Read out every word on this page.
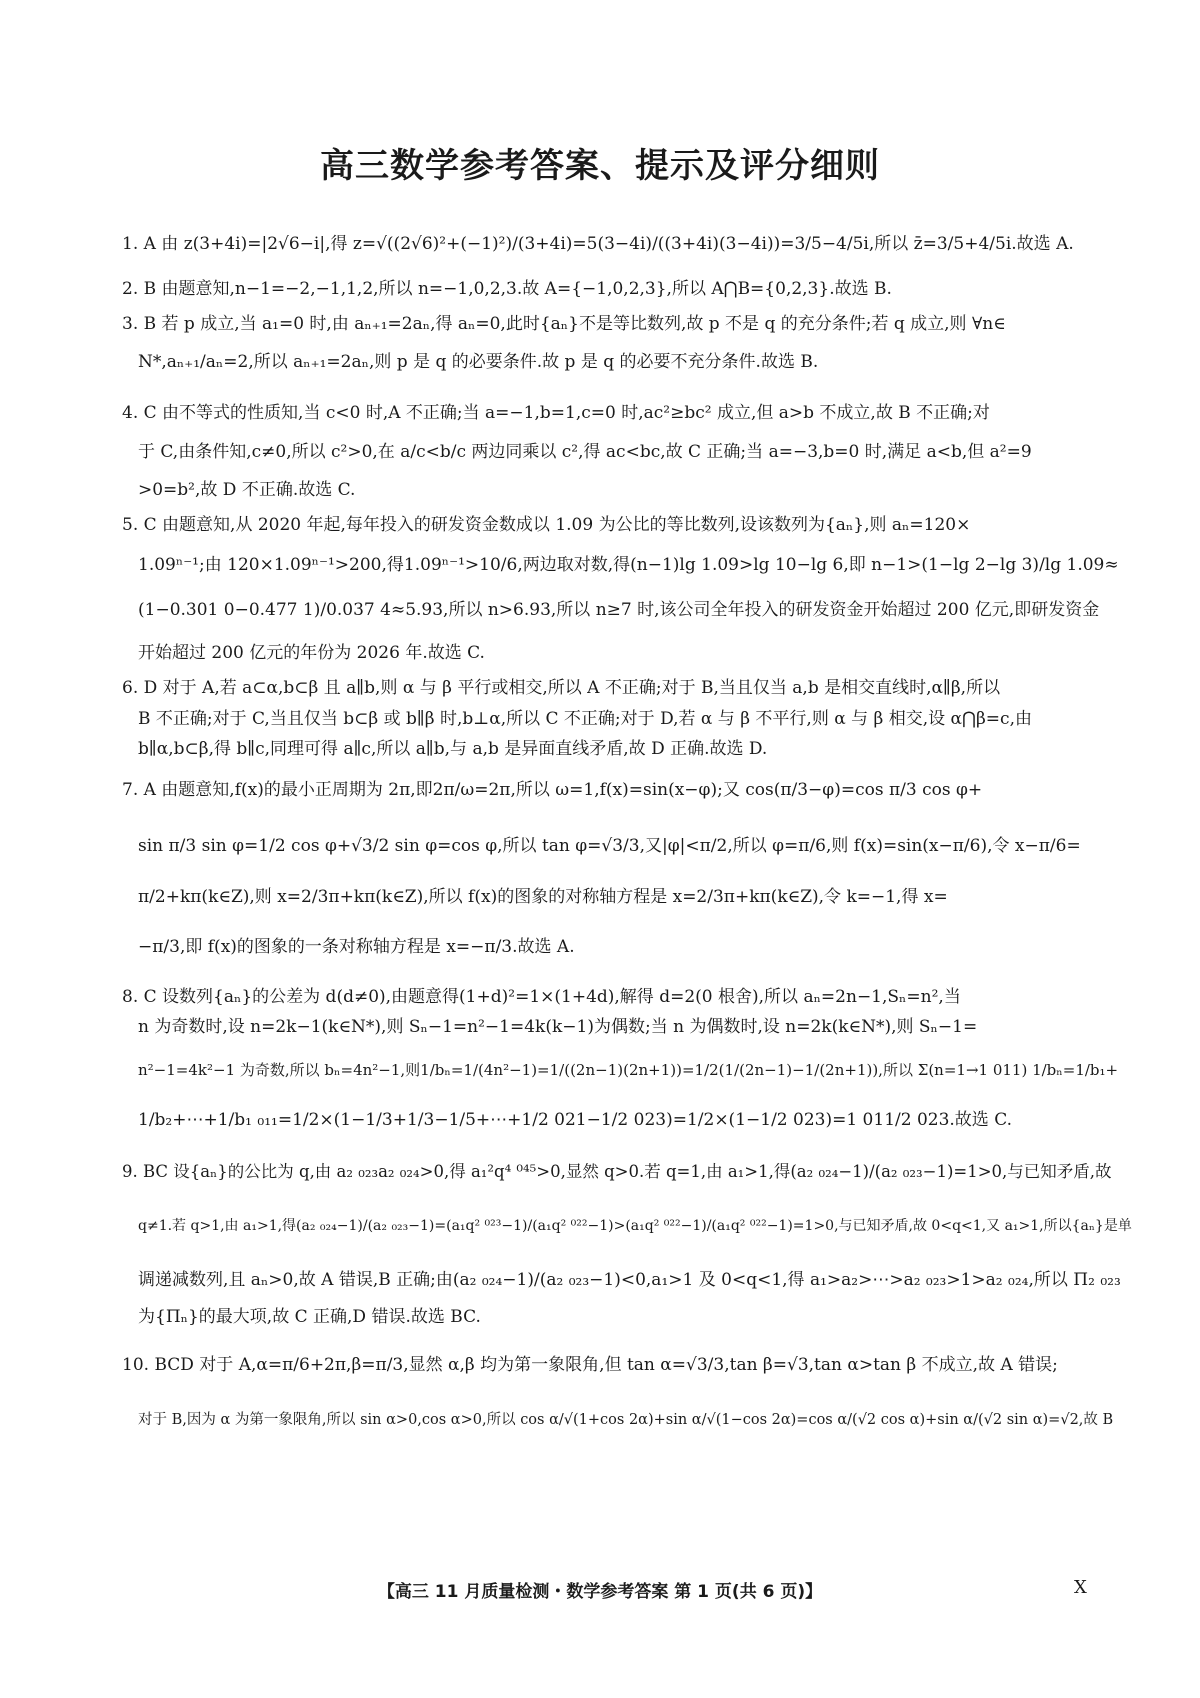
高三数学参考答案、提示及评分细则
1. A 由 z(3+4i)=|2√6−i|,得 z=√((2√6)²+(−1)²)/(3+4i)=5(3−4i)/((3+4i)(3−4i))=3/5−4/5i,所以 z̄=3/5+4/5i.故选 A.
2. B 由题意知,n−1=−2,−1,1,2,所以 n=−1,0,2,3.故 A={−1,0,2,3},所以 A⋂B={0,2,3}.故选 B.
3. B 若 p 成立,当 a₁=0 时,由 aₙ₊₁=2aₙ,得 aₙ=0,此时{aₙ}不是等比数列,故 p 不是 q 的充分条件;若 q 成立,则 ∀n∈
N*,aₙ₊₁/aₙ=2,所以 aₙ₊₁=2aₙ,则 p 是 q 的必要条件.故 p 是 q 的必要不充分条件.故选 B.
4. C 由不等式的性质知,当 c<0 时,A 不正确;当 a=−1,b=1,c=0 时,ac²≥bc² 成立,但 a>b 不成立,故 B 不正确;对
于 C,由条件知,c≠0,所以 c²>0,在 a/c<b/c 两边同乘以 c²,得 ac<bc,故 C 正确;当 a=−3,b=0 时,满足 a<b,但 a²=9
>0=b²,故 D 不正确.故选 C.
5. C 由题意知,从 2020 年起,每年投入的研发资金数成以 1.09 为公比的等比数列,设该数列为{aₙ},则 aₙ=120×
1.09ⁿ⁻¹;由 120×1.09ⁿ⁻¹>200,得1.09ⁿ⁻¹>10/6,两边取对数,得(n−1)lg 1.09>lg 10−lg 6,即 n−1>(1−lg 2−lg 3)/lg 1.09≈
(1−0.301 0−0.477 1)/0.037 4≈5.93,所以 n>6.93,所以 n≥7 时,该公司全年投入的研发资金开始超过 200 亿元,即研发资金
开始超过 200 亿元的年份为 2026 年.故选 C.
6. D 对于 A,若 a⊂α,b⊂β 且 a∥b,则 α 与 β 平行或相交,所以 A 不正确;对于 B,当且仅当 a,b 是相交直线时,α∥β,所以
B 不正确;对于 C,当且仅当 b⊂β 或 b∥β 时,b⊥α,所以 C 不正确;对于 D,若 α 与 β 不平行,则 α 与 β 相交,设 α⋂β=c,由
b∥α,b⊂β,得 b∥c,同理可得 a∥c,所以 a∥b,与 a,b 是异面直线矛盾,故 D 正确.故选 D.
7. A 由题意知,f(x)的最小正周期为 2π,即2π/ω=2π,所以 ω=1,f(x)=sin(x−φ);又 cos(π/3−φ)=cos π/3 cos φ+
sin π/3 sin φ=1/2 cos φ+√3/2 sin φ=cos φ,所以 tan φ=√3/3,又|φ|<π/2,所以 φ=π/6,则 f(x)=sin(x−π/6),令 x−π/6=
π/2+kπ(k∈Z),则 x=2/3π+kπ(k∈Z),所以 f(x)的图象的对称轴方程是 x=2/3π+kπ(k∈Z),令 k=−1,得 x=
−π/3,即 f(x)的图象的一条对称轴方程是 x=−π/3.故选 A.
8. C 设数列{aₙ}的公差为 d(d≠0),由题意得(1+d)²=1×(1+4d),解得 d=2(0 根舍),所以 aₙ=2n−1,Sₙ=n²,当
n 为奇数时,设 n=2k−1(k∈N*),则 Sₙ−1=n²−1=4k(k−1)为偶数;当 n 为偶数时,设 n=2k(k∈N*),则 Sₙ−1=
n²−1=4k²−1 为奇数,所以 bₙ=4n²−1,则1/bₙ=1/(4n²−1)=1/((2n−1)(2n+1))=1/2(1/(2n−1)−1/(2n+1)),所以 Σ(n=1→1 011) 1/bₙ=1/b₁+
1/b₂+⋯+1/b₁ ₀₁₁=1/2×(1−1/3+1/3−1/5+⋯+1/2 021−1/2 023)=1/2×(1−1/2 023)=1 011/2 023.故选 C.
9. BC 设{aₙ}的公比为 q,由 a₂ ₀₂₃a₂ ₀₂₄>0,得 a₁²q⁴ ⁰⁴⁵>0,显然 q>0.若 q=1,由 a₁>1,得(a₂ ₀₂₄−1)/(a₂ ₀₂₃−1)=1>0,与已知矛盾,故
q≠1.若 q>1,由 a₁>1,得(a₂ ₀₂₄−1)/(a₂ ₀₂₃−1)=(a₁q² ⁰²³−1)/(a₁q² ⁰²²−1)>(a₁q² ⁰²²−1)/(a₁q² ⁰²²−1)=1>0,与已知矛盾,故 0<q<1,又 a₁>1,所以{aₙ}是单
调递减数列,且 aₙ>0,故 A 错误,B 正确;由(a₂ ₀₂₄−1)/(a₂ ₀₂₃−1)<0,a₁>1 及 0<q<1,得 a₁>a₂>⋯>a₂ ₀₂₃>1>a₂ ₀₂₄,所以 Π₂ ₀₂₃
为{Πₙ}的最大项,故 C 正确,D 错误.故选 BC.
10. BCD 对于 A,α=π/6+2π,β=π/3,显然 α,β 均为第一象限角,但 tan α=√3/3,tan β=√3,tan α>tan β 不成立,故 A 错误;
对于 B,因为 α 为第一象限角,所以 sin α>0,cos α>0,所以 cos α/√(1+cos 2α)+sin α/√(1−cos 2α)=cos α/(√2 cos α)+sin α/(√2 sin α)=√2,故 B
【高三 11 月质量检测・数学参考答案 第 1 页(共 6 页)】	X
